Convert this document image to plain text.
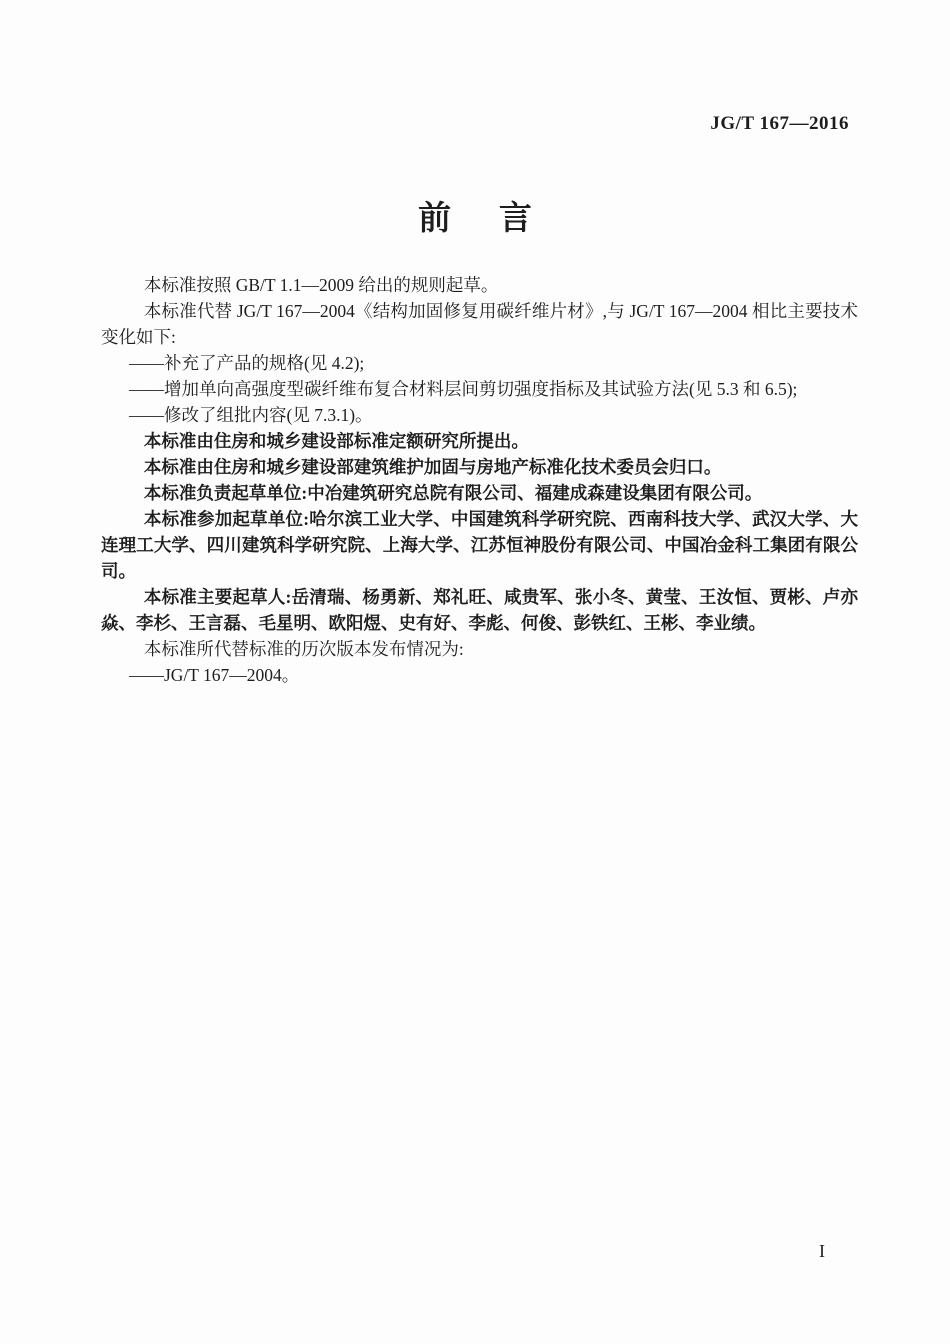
JG/T 167—2016
前言

本标准按照 GB/T 1.1—2009 给出的规则起草。

本标准代替 JG/T 167—2004《结构加固修复用碳纤维片材》,与 JG/T 167—2004 相比主要技术变化如下:

——补充了产品的规格(见 4.2);

——增加单向高强度型碳纤维布复合材料层间剪切强度指标及其试验方法(见 5.3 和 6.5);

——修改了组批内容(见 7.3.1)。

本标准由住房和城乡建设部标准定额研究所提出。

本标准由住房和城乡建设部建筑维护加固与房地产标准化技术委员会归口。

本标准负责起草单位:中冶建筑研究总院有限公司、福建成森建设集团有限公司。

本标准参加起草单位:哈尔滨工业大学、中国建筑科学研究院、西南科技大学、武汉大学、大连理工大学、四川建筑科学研究院、上海大学、江苏恒神股份有限公司、中国冶金科工集团有限公司。

本标准主要起草人:岳清瑞、杨勇新、郑礼旺、咸贵军、张小冬、黄莹、王汝恒、贾彬、卢亦焱、李杉、王言磊、毛星明、欧阳煜、史有好、李彪、何俊、彭铁红、王彬、李业绩。

本标准所代替标准的历次版本发布情况为:

——JG/T 167—2004。

I
